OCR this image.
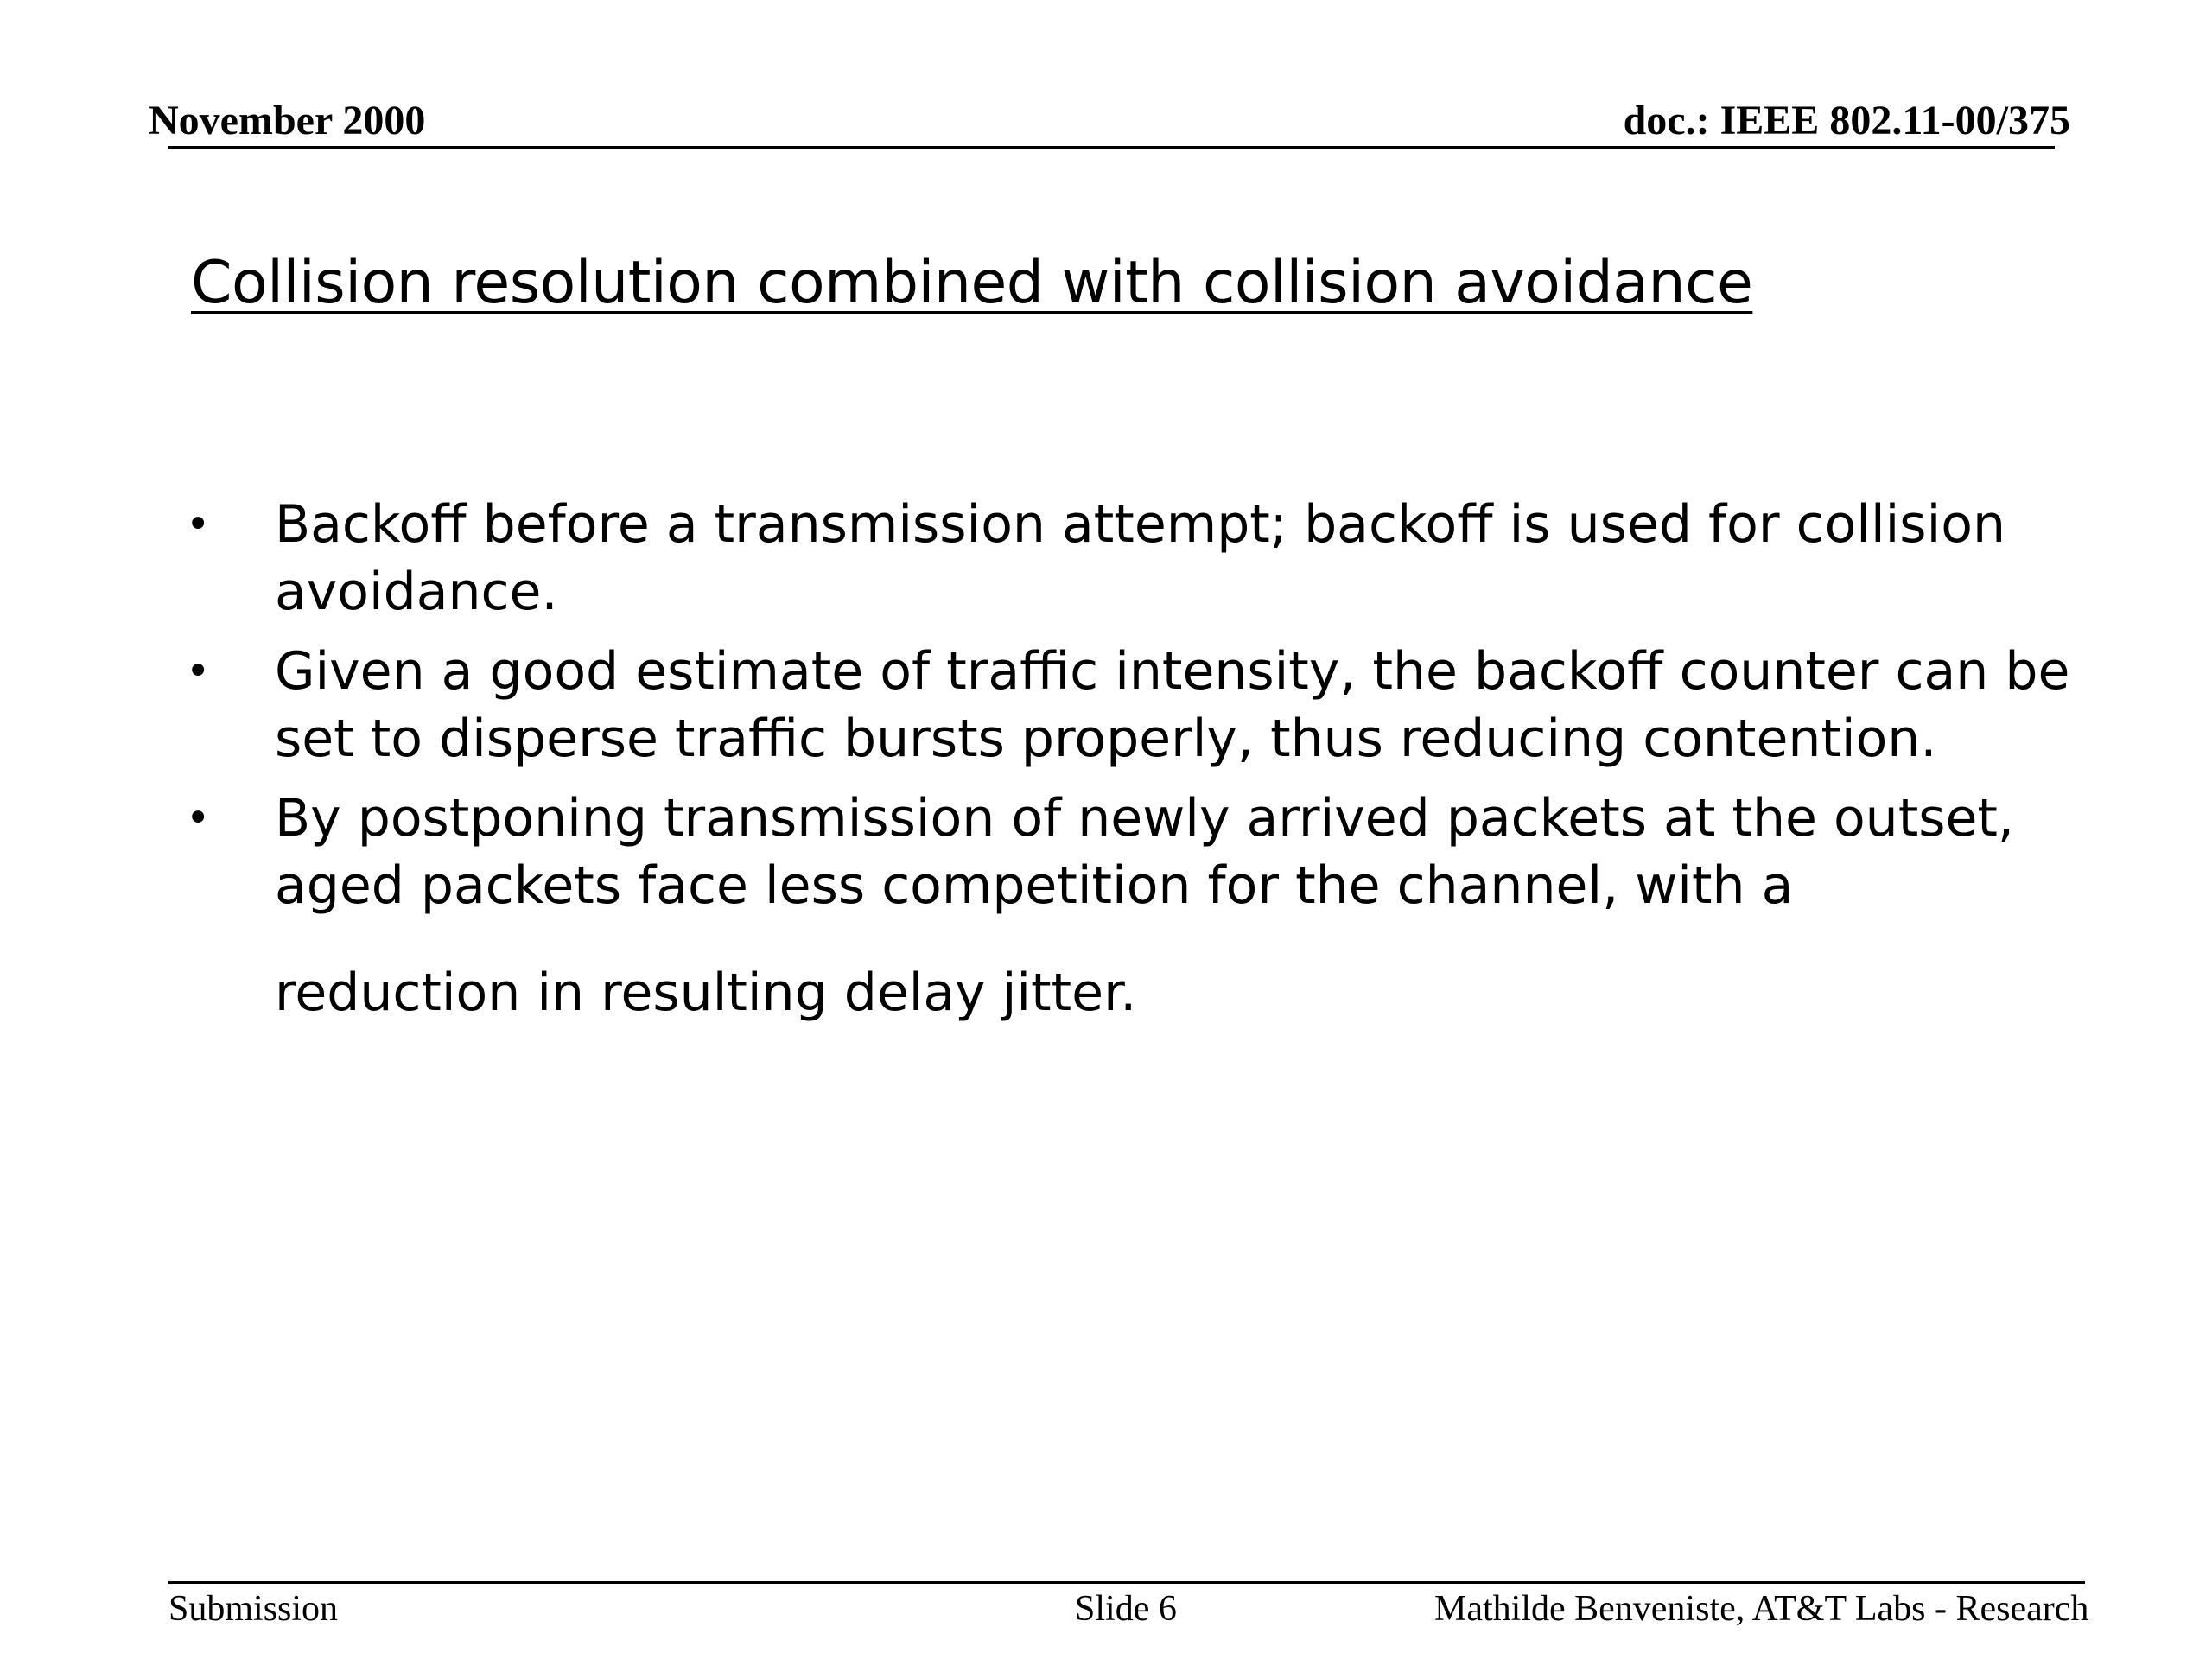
November 2000	doc.: IEEE 802.11-00/375
Collision resolution combined with collision avoidance
•	Backoff before a transmission attempt; backoff is used for collision avoidance.
•	Given a good estimate of traffic intensity, the backoff counter can be set to disperse traffic bursts properly, thus reducing contention.
•	By postponing transmission of newly arrived packets at the outset, aged packets face less competition for the channel, with a
reduction in resulting delay jitter.
Submission	Slide 6	Mathilde Benveniste, AT&T Labs - Research
